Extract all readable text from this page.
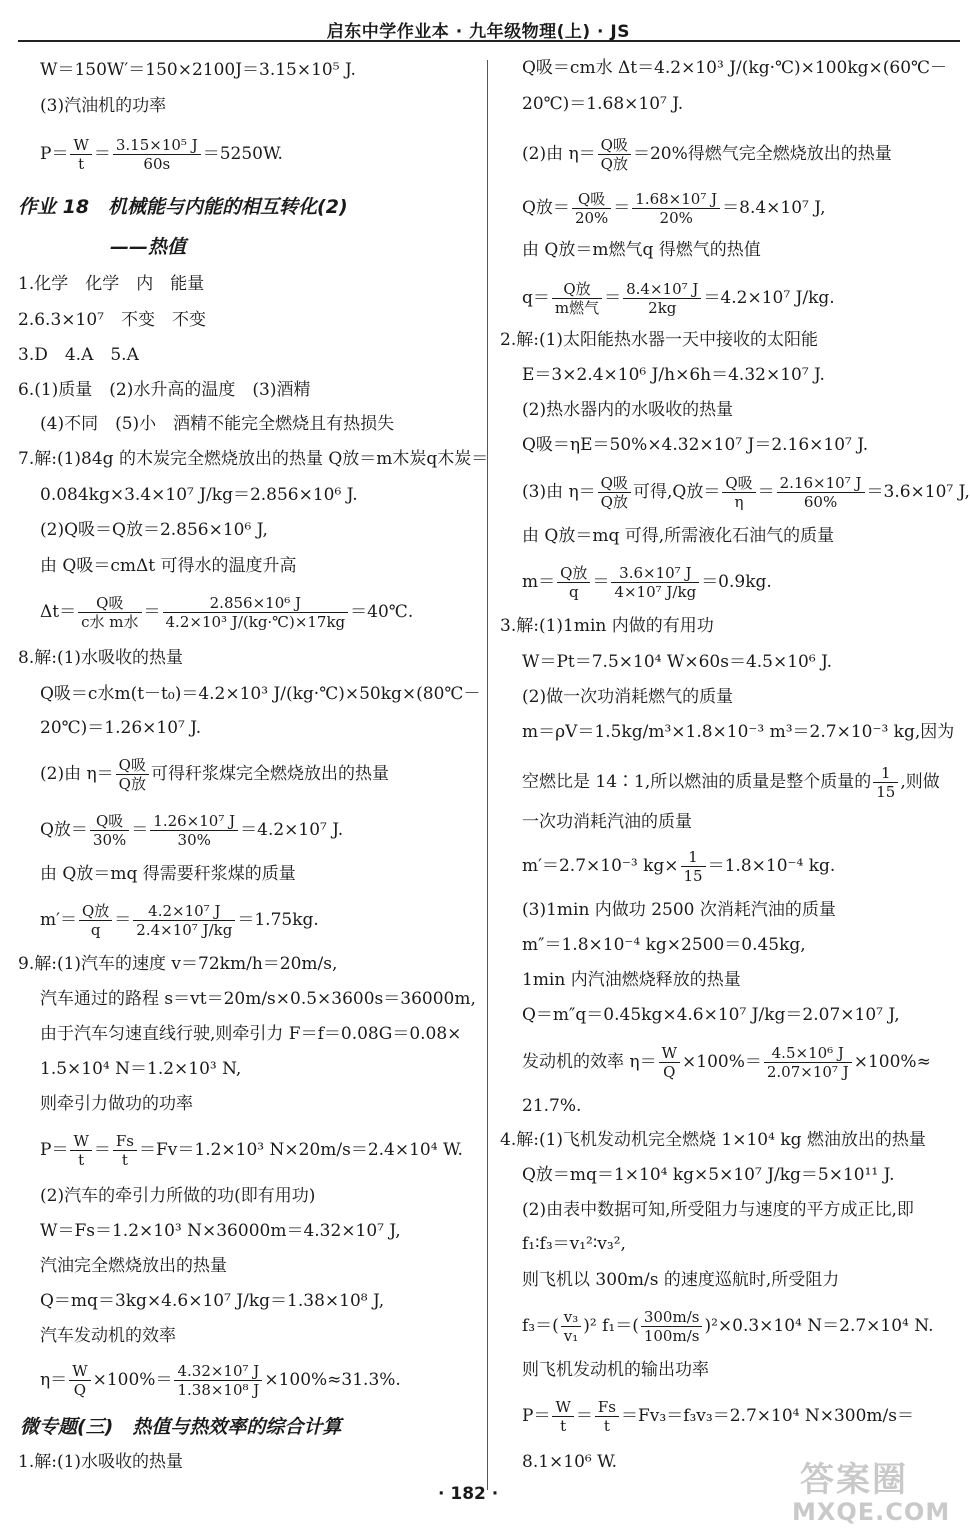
启东中学作业本 · 九年级物理(上) · JS
W＝150W′＝150×2100J＝3.15×10⁵ J.
(3)汽油机的功率
$P= \frac{W}{t} = \frac{\text{3.15×10⁵ J}}{60s} =5250W$.
作业 18　机械能与内能的相互转化(2)
——热值
1.化学　化学　内　能量
2.6.3×10⁷　不变　不变
3.D　4.A　5.A
6.(1)质量　(2)水升高的温度　(3)酒精
(4)不同　(5)小　酒精不能完全燃烧且有热损失
7.解:(1)84g 的木炭完全燃烧放出的热量 Q放＝m木炭q木炭＝
0.084kg×3.4×10⁷ J/kg＝2.856×10⁶ J.
(2)Q吸＝Q放＝2.856×10⁶ J,
由 Q吸＝cmΔt 可得水的温度升高
$\Delta t= \frac{\text{Q吸}}{\text{c水 m水}} = \frac{\text{2.856×10⁶ J}}{\text{4.2×10³ J/(kg·℃)×17kg}}$ ＝40℃.
8.解:(1)水吸收的热量
Q吸＝c水m(t－t₀)＝4.2×10³ J/(kg·℃)×50kg×(80℃－
20℃)＝1.26×10⁷ J.
(2)由 $\eta= \frac{\text{Q吸}}{\text{Q放}}$ 可得秆浆煤完全燃烧放出的热量
Q放＝ $\frac{\text{Q吸}}{30\%} = \frac{\text{1.26×10⁷ J}}{30\%} =4.2\times 10^7$ J.
由 Q放＝mq 得需要秆浆煤的质量
$m'= \frac{\text{Q放}}{q} = \frac{\text{4.2×10⁷ J}}{\text{2.4×10⁷ J/kg}} =1.75kg$.
9.解:(1)汽车的速度 v＝72km/h＝20m/s,
汽车通过的路程 s＝vt＝20m/s×0.5×3600s＝36000m,
由于汽车匀速直线行驶,则牵引力 F＝f＝0.08G＝0.08×
1.5×10⁴ N＝1.2×10³ N,
则牵引力做功的功率
$P= \frac{W}{t} = \frac{Fs}{t} =Fv=1.2\times 10^3$ N×20m/s＝2.4×10⁴ W.
(2)汽车的牵引力所做的功(即有用功)
W＝Fs＝1.2×10³ N×36000m＝4.32×10⁷ J,
汽油完全燃烧放出的热量
Q＝mq＝3kg×4.6×10⁷ J/kg＝1.38×10⁸ J,
汽车发动机的效率
$\eta= \frac{W}{Q} \times 100\%= \frac{\text{4.32×10⁷ J}}{\text{1.38×10⁸ J}} \times 100\%\approx 31.3\%$.
微专题(三)　热值与热效率的综合计算
1.解:(1)水吸收的热量
Q吸＝cm水 Δt＝4.2×10³ J/(kg·℃)×100kg×(60℃－
20℃)＝1.68×10⁷ J.
(2)由 $\eta= \frac{\text{Q吸}}{\text{Q放}} =20\%$得燃气完全燃烧放出的热量
Q放＝ $\frac{\text{Q吸}}{20\%} = \frac{\text{1.68×10⁷ J}}{20\%} =8.4\times 10^7$ J,
由 Q放＝m燃气q 得燃气的热值
$q= \frac{\text{Q放}}{\text{m燃气}} = \frac{\text{8.4×10⁷ J}}{2kg} =4.2\times 10^7$ J/kg.
2.解:(1)太阳能热水器一天中接收的太阳能
E＝3×2.4×10⁶ J/h×6h＝4.32×10⁷ J.
(2)热水器内的水吸收的热量
Q吸＝ηE＝50%×4.32×10⁷ J＝2.16×10⁷ J.
(3)由 $\eta= \frac{\text{Q吸}}{\text{Q放}}$ 可得,Q放＝ $\frac{\text{Q吸}}{\eta} = \frac{\text{2.16×10⁷ J}}{60\%} =3.6\times 10^7$ J,
由 Q放＝mq 可得,所需液化石油气的质量
$m= \frac{\text{Q放}}{q} = \frac{\text{3.6×10⁷ J}}{\text{4×10⁷ J/kg}} =0.9kg$.
3.解:(1)1min 内做的有用功
W＝Pt＝7.5×10⁴ W×60s＝4.5×10⁶ J.
(2)做一次功消耗燃气的质量
m＝ρV＝1.5kg/m³×1.8×10⁻³ m³＝2.7×10⁻³ kg,因为
空燃比是 14∶1,所以燃油的质量是整个质量的 $\frac{1}{15}$ ,则做
一次功消耗汽油的质量
m′＝2.7×10⁻³ $kg\times \frac{1}{15} =1.8\times 10^{-4}$ kg.
(3)1min 内做功 2500 次消耗汽油的质量
m″＝1.8×10⁻⁴ kg×2500＝0.45kg,
1min 内汽油燃烧释放的热量
Q＝m″q＝0.45kg×4.6×10⁷ J/kg＝2.07×10⁷ J,
发动机的效率 $\eta= \frac{W}{Q} \times 100\%= \frac{\text{4.5×10⁶ J}}{\text{2.07×10⁷ J}} \times 100\%\approx$
21.7%.
4.解:(1)飞机发动机完全燃烧 1×10⁴ kg 燃油放出的热量
Q放＝mq＝1×10⁴ kg×5×10⁷ J/kg＝5×10¹¹ J.
(2)由表中数据可知,所受阻力与速度的平方成正比,即
f₁∶f₃＝v₁²∶v₃²,
则飞机以 300m/s 的速度巡航时,所受阻力
$f_3=( \frac{\text{v₃}}{\text{v₁}} )^2$ $f_1=( \frac{300m/s}{100m/s} )^2\times 0.3\times 10^4$ N＝2.7×10⁴ N.
则飞机发动机的输出功率
$P= \frac{W}{t} = \frac{Fs}{t} =Fv_3=f_3v_3=2.7\times 10^4$ N×300m/s＝
8.1×10⁶ W.
· 182 ·	答案圈
MXQE.COM
